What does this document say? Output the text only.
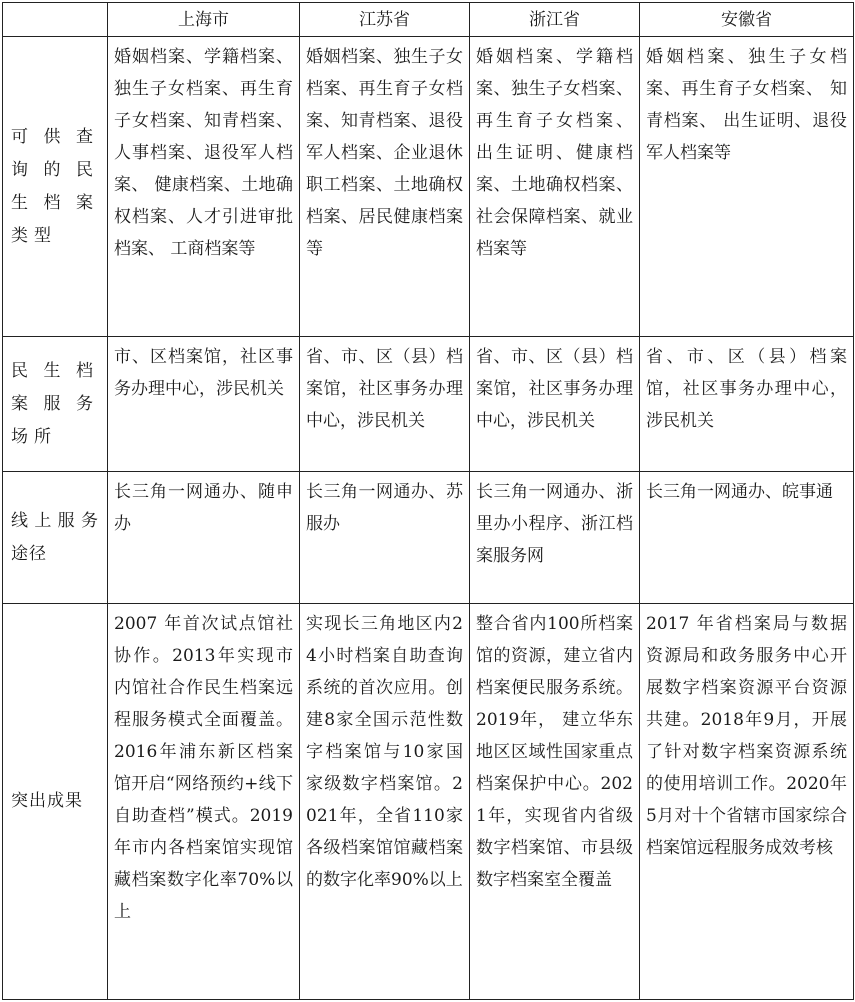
	上海市	江苏省	浙江省	安徽省
可供查询的民生档案类型	婚姻档案、学籍档案、 独生子女档案、再生育子女档案、知青档案、人事档案、退役军人档案、 健康档案、土地确权档案、人才引进审批档案、 工商档案等	婚姻档案、独生子女档案、再生育子女档案、知青档案、退役军人档案、企业退休职工档案、土地确权档案、居民健康档案等	婚姻档案、学籍档案、独生子女档案、再生育子女档案、 出生证明、健康档案、土地确权档案、社会保障档案、就业档案等	婚姻档案、独生子女档案、再生育子女档案、 知青档案、 出生证明、退役军人档案等
民生档案服务场所	市、区档案馆，社区事务办理中心，涉民机关	省、市、区（县）档案馆，社区事务办理中心，涉民机关	省、市、区（县）档案馆，社区事务办理中心，涉民机关	省、市、区（县）档案馆，社区事务办理中心，涉民机关
线上服务途径	长三角一网通办、随申办	长三角一网通办、苏服办	长三角一网通办、浙里办小程序、浙江档案服务网	长三角一网通办、皖事通
突出成果	2007 年首次试点馆社协作。2013年实现市内馆社合作民生档案远程服务模式全面覆盖。2016年浦东新区档案馆开启“网络预约+线下自助查档”模式。2019年市内各档案馆实现馆藏档案数字化率70%以上	实现长三角地区内24小时档案自助查询系统的首次应用。创建8家全国示范性数字档案馆与10家国家级数字档案馆。2021年，全省110家各级档案馆馆藏档案的数字化率90%以上	整合省内100所档案馆的资源，建立省内档案便民服务系统。2019年， 建立华东地区区域性国家重点档案保护中心。2021年，实现省内省级数字档案馆、市县级数字档案室全覆盖	2017 年省档案局与数据资源局和政务服务中心开展数字档案资源平台资源共建。2018年9月，开展了针对数字档案资源系统的使用培训工作。2020年5月对十个省辖市国家综合档案馆远程服务成效考核
